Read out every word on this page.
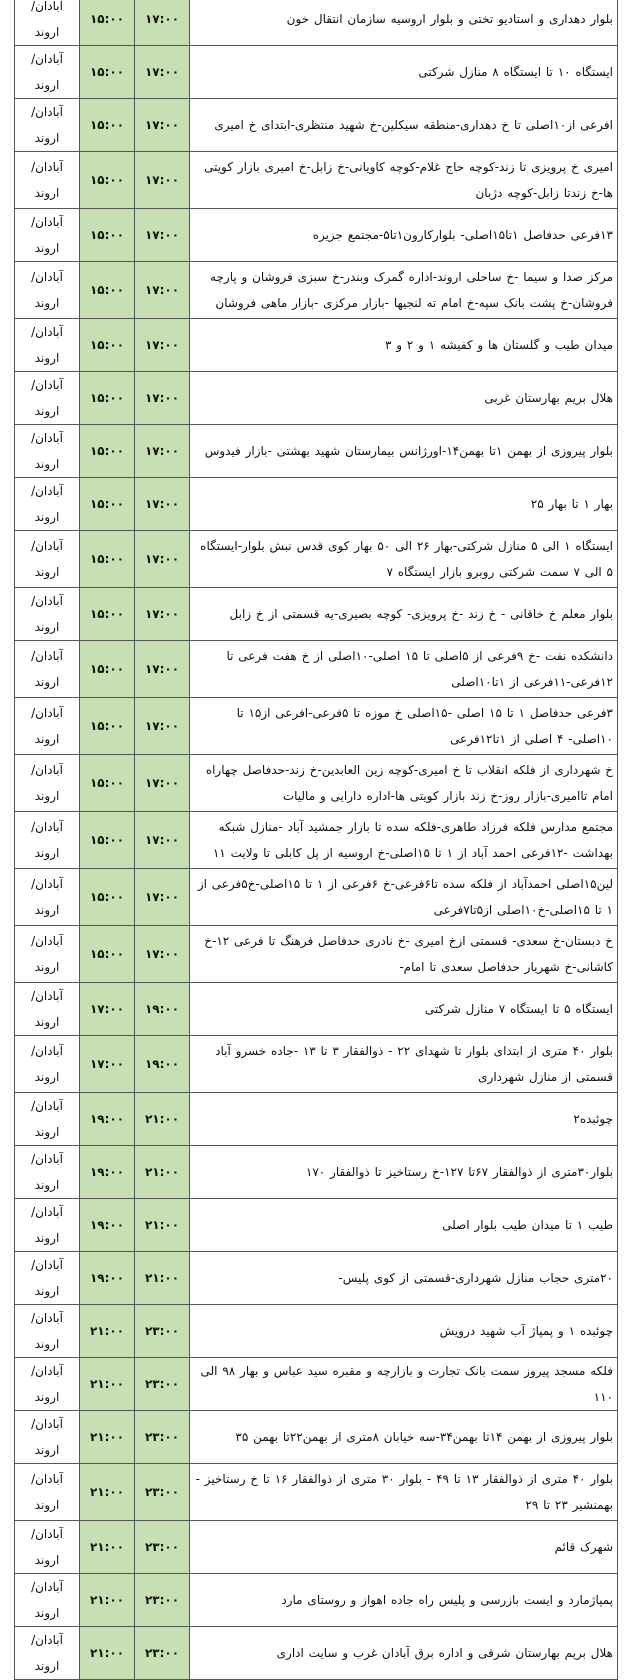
آبادان/اروند	۱۵:۰۰	۱۷:۰۰	بلوار دهداری و استادیو تختی و بلوار اروسیه سازمان انتقال خون
آبادان/اروند	۱۵:۰۰	۱۷:۰۰	ایستگاه ۱۰ تا ایستگاه ۸ منازل شرکتی
آبادان/اروند	۱۵:۰۰	۱۷:۰۰	افرعی از۱۰اصلی تا خ دهداری-منطقه سیکلین-خ شهید منتظری-ابتدای خ امیری
آبادان/اروند	۱۵:۰۰	۱۷:۰۰	امیری خ پرویزی تا زند-کوچه حاج غلام-کوچه کاویانی-خ زابل-خ امیری بازار کویتی ها-خ زندتا زابل-کوچه دژبان
آبادان/اروند	۱۵:۰۰	۱۷:۰۰	۱۳فرعی حدفاصل ۱تا۱۵اصلی- بلوارکارون۱تا۵-مجتمع جزیره
آبادان/اروند	۱۵:۰۰	۱۷:۰۰	مرکز صدا و سیما -خ ساحلی اروند-اداره گمرک وبندر-خ سبزی فروشان و پارچه فروشان-خ پشت بانک سپه-خ امام ته لنجیها -بازار مرکزی -بازار ماهی فروشان
آبادان/اروند	۱۵:۰۰	۱۷:۰۰	میدان طیب و گلستان ها و کفیشه ۱ و ۲ و ۳
آبادان/اروند	۱۵:۰۰	۱۷:۰۰	هلال بریم بهارستان غربی
آبادان/اروند	۱۵:۰۰	۱۷:۰۰	بلوار پیروزی از بهمن ۱تا بهمن۱۴-اورژانس بیمارستان شهید بهشتی -بازار فیدوس
آبادان/اروند	۱۵:۰۰	۱۷:۰۰	بهار ۱ تا بهار ۲۵
آبادان/اروند	۱۵:۰۰	۱۷:۰۰	ایستگاه ۱ الی ۵ منازل شرکتی-بهار ۲۶ الی ۵۰ بهار کوی قدس نبش بلوار-ایستگاه ۵ الی ۷ سمت شرکتی روبرو بازار ایستگاه ۷
آبادان/اروند	۱۵:۰۰	۱۷:۰۰	بلوار معلم خ خاقانی - خ زند -خ پرویزی- کوچه بصیری-یه قسمتی از خ زابل
آبادان/اروند	۱۵:۰۰	۱۷:۰۰	دانشکده نفت -خ ۹فرعی از ۵اصلی تا ۱۵ اصلی-۱۰اصلی از خ هفت فرعی تا ۱۲فرعی-۱۱فرعی از ۱تا۱۰اصلی
آبادان/اروند	۱۵:۰۰	۱۷:۰۰	۳فرعی حدفاصل ۱ تا ۱۵ اصلی -۱۵اصلی خ موزه تا ۵فرعی-افرعی از۱۵ تا ۱۰اصلی- ۴ اصلی از ۱تا۱۲فرعی
آبادان/اروند	۱۵:۰۰	۱۷:۰۰	خ شهرداری از فلکه انقلاب تا خ امیری-کوچه زین العابدین-خ زند-حدفاصل چهاراه امام تاامیری-بازار روز-خ زند بازار کویتی ها-اداره دارایی و مالیات
آبادان/اروند	۱۵:۰۰	۱۷:۰۰	مجتمع مدارس فلکه فرزاد طاهری-فلکه سده تا بازار جمشید آباد -منازل شبکه بهداشت -۱۲فرعی احمد آباد از ۱ تا ۱۵اصلی-خ اروسیه از پل کابلی تا ولایت ۱۱
آبادان/اروند	۱۵:۰۰	۱۷:۰۰	لین۱۵اصلی احمدآباد از فلکه سده تا۶فرعی-خ ۶فرعی از ۱ تا ۱۵اصلی-خ۵فرعی از ۱ تا ۱۵اصلی-خ۱۰اصلی از۵تا۷فرعی
آبادان/اروند	۱۵:۰۰	۱۷:۰۰	خ دبستان-خ سعدی- قسمتی ازخ امیری -خ نادری حدفاصل فرهنگ تا فرعی ۱۲-خ کاشانی-خ شهریار حدفاصل سعدی تا امام-
آبادان/اروند	۱۷:۰۰	۱۹:۰۰	ایستگاه ۵ تا ایستگاه ۷ منازل شرکتی
آبادان/اروند	۱۷:۰۰	۱۹:۰۰	بلوار ۴۰ متری از ابتدای بلوار تا شهدای ۲۲ - ذوالفقار ۳ تا ۱۳ -جاده خسرو آباد قسمتی از منازل شهرداری
آبادان/اروند	۱۹:۰۰	۲۱:۰۰	چوئبده۲
آبادان/اروند	۱۹:۰۰	۲۱:۰۰	بلوار۳۰متری از ذوالفقار ۶۷تا ۱۲۷-خ رستاخیز تا ذوالفقار ۱۷۰
آبادان/اروند	۱۹:۰۰	۲۱:۰۰	طیب ۱ تا میدان طیب بلوار اصلی
آبادان/اروند	۱۹:۰۰	۲۱:۰۰	۲۰متری حجاب منازل شهرداری-قسمتی از کوی پلیس-
آبادان/اروند	۲۱:۰۰	۲۳:۰۰	چوئبده ۱ و پمپاژ آب شهید درویش
آبادان/اروند	۲۱:۰۰	۲۳:۰۰	فلکه مسجد پیروز سمت بانک تجارت و بازارچه و مقبره سید عباس و بهار ۹۸ الی ۱۱۰
آبادان/اروند	۲۱:۰۰	۲۳:۰۰	بلوار پیروزی از بهمن ۱۴تا بهمن۳۴-سه خیابان ۸متری از بهمن۲۲تا بهمن ۳۵
آبادان/اروند	۲۱:۰۰	۲۳:۰۰	بلوار ۴۰ متری از ذوالفقار ۱۳ تا ۴۹ - بلوار ۳۰ متری از ذوالفقار ۱۶ تا خ رستاخیز - بهمنشیر ۲۳ تا ۲۹
آبادان/اروند	۲۱:۰۰	۲۳:۰۰	شهرک قائم
آبادان/اروند	۲۱:۰۰	۲۳:۰۰	پمپاژمارد و ایست بازرسی و پلیس راه جاده اهواز و روستای مارد
آبادان/اروند	۲۱:۰۰	۲۳:۰۰	هلال بریم بهارستان شرقی و اداره برق آبادان غرب و سایت اداری
